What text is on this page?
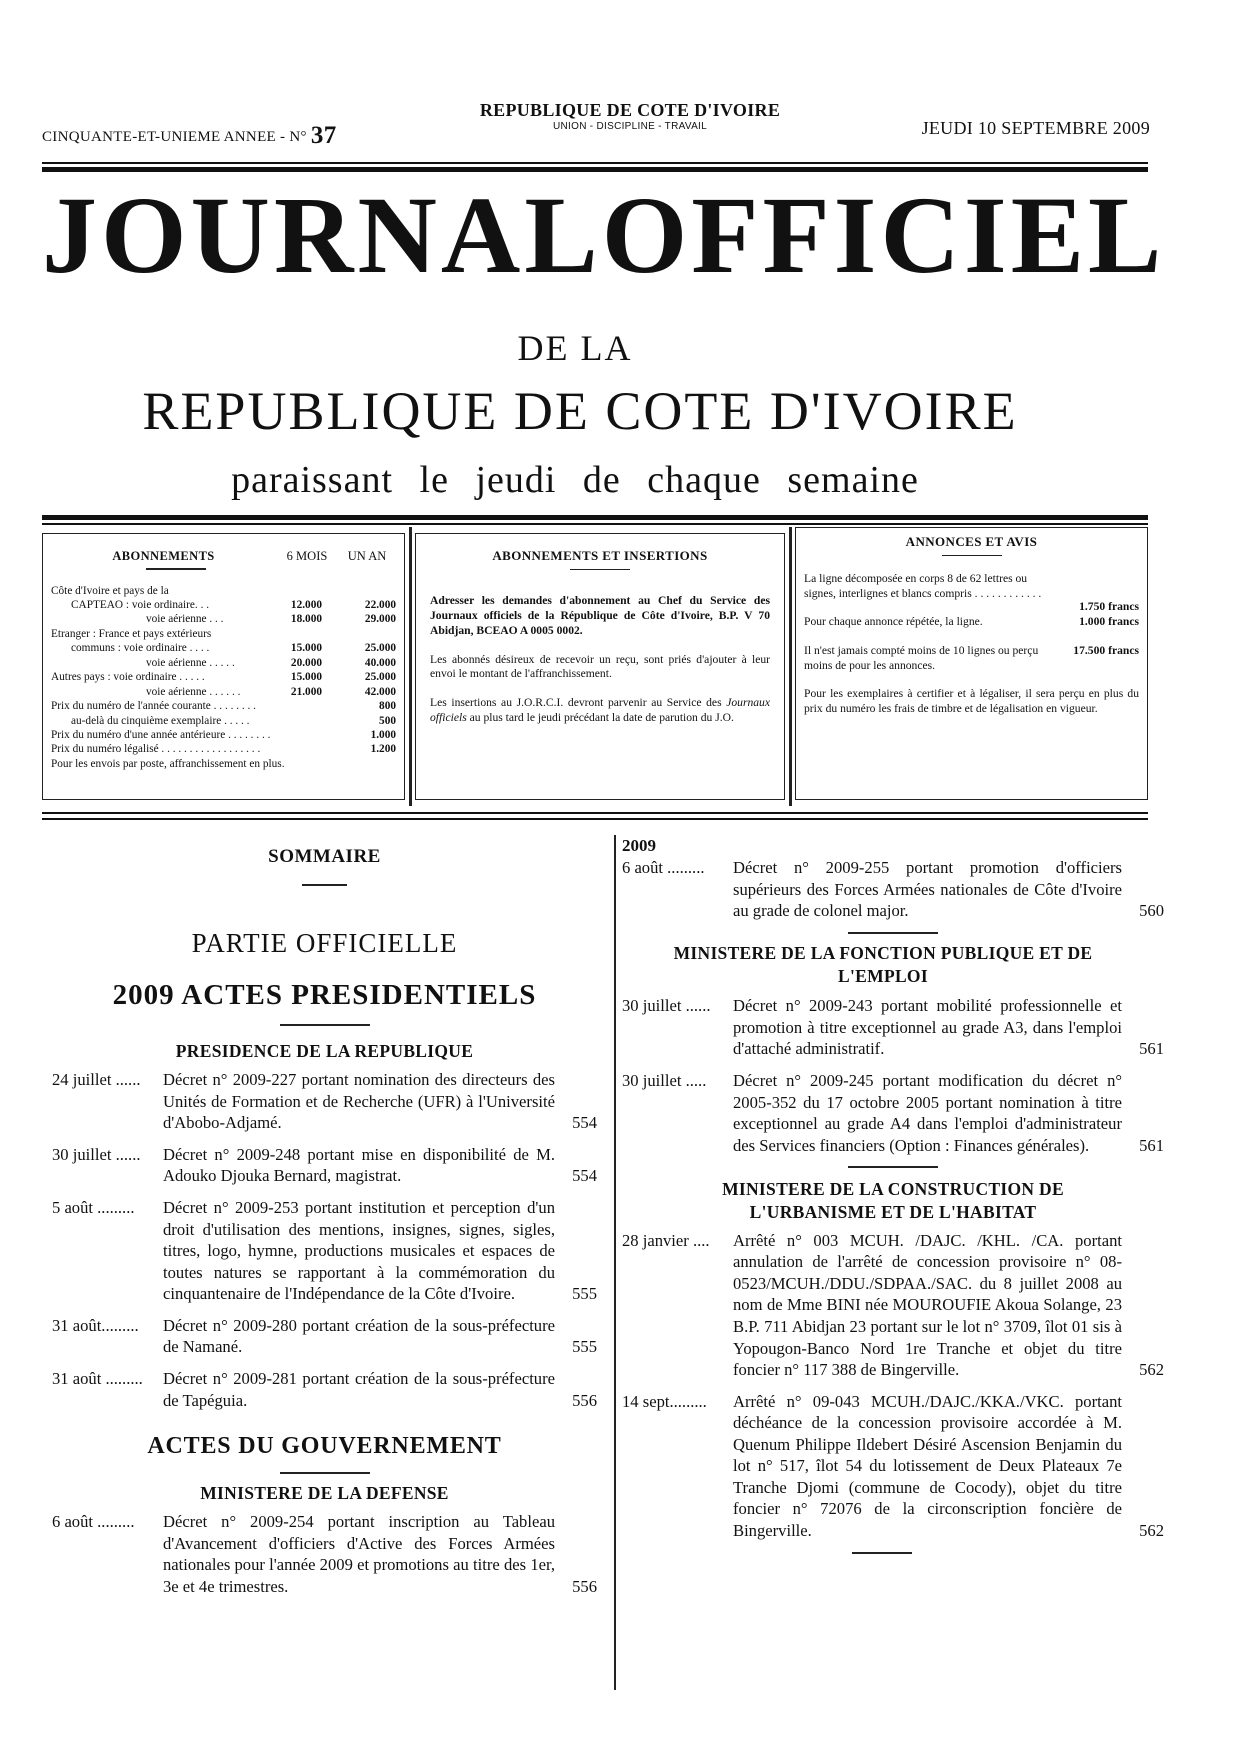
CINQUANTE-ET-UNIEME ANNEE - N° 37
REPUBLIQUE DE COTE D'IVOIRE
UNION - DISCIPLINE - TRAVAIL	JEUDI 10 SEPTEMBRE 2009
JOURNAL OFFICIEL
DE LA
REPUBLIQUE DE COTE D'IVOIRE
paraissant le jeudi de chaque semaine
ABONNEMENTS	6 MOIS	UN AN
Côte d'Ivoire et pays de la
CAPTEAO : voie ordinaire. . .	12.000	22.000
voie aérienne . . .	18.000	29.000
Etranger : France et pays extérieurs
communs : voie ordinaire . . . .	15.000	25.000
voie aérienne . . . . .	20.000	40.000
Autres pays : voie ordinaire . . . . .	15.000	25.000
voie aérienne . . . . . .	21.000	42.000
Prix du numéro de l'année courante . . . . . . . .	800
au-delà du cinquième exemplaire . . . . .	500
Prix du numéro d'une année antérieure . . . . . . . .	1.000
Prix du numéro légalisé . . . . . . . . . . . . . . . . . .	1.200
Pour les envois par poste, affranchissement en plus.
ABONNEMENTS ET INSERTIONS

Adresser les demandes d'abonnement au Chef du Service des Journaux officiels de la République de Côte d'Ivoire, B.P. V 70 Abidjan, BCEAO A 0005 0002.

Les abonnés désireux de recevoir un reçu, sont priés d'ajouter à leur envoi le montant de l'affranchissement.

Les insertions au J.O.R.C.I. devront parvenir au Service des Journaux officiels au plus tard le jeudi précédant la date de parution du J.O.

ANNONCES ET AVIS
La ligne décomposée en corps 8 de 62 lettres ou signes, interlignes et blancs compris . . . . . . . . . . . .
1.750 francs
Pour chaque annonce répétée, la ligne.	1.000 francs
Il n'est jamais compté moins de 10 lignes ou perçu moins de pour les annonces.
17.500 francs

Pour les exemplaires à certifier et à légaliser, il sera perçu en plus du prix du numéro les frais de timbre et de légalisation en vigueur.

SOMMAIRE
PARTIE OFFICIELLE
2009 ACTES PRESIDENTIELS
PRESIDENCE DE LA REPUBLIQUE
24 juillet ......	Décret n° 2009-227 portant nomination des directeurs des Unités de Formation et de Recherche (UFR) à l'Université d'Abobo-Adjamé.	554
30 juillet ......	Décret n° 2009-248 portant mise en disponibilité de M. Adouko Djouka Bernard, magistrat.	554
5 août .........	Décret n° 2009-253 portant institution et perception d'un droit d'utilisation des mentions, insignes, signes, sigles, titres, logo, hymne, productions musicales et espaces de toutes natures se rapportant à la commémoration du cinquantenaire de l'Indépendance de la Côte d'Ivoire.	555
31 août.........	Décret n° 2009-280 portant création de la sous-préfecture de Namané.	555
31 août .........	Décret n° 2009-281 portant création de la sous-préfecture de Tapéguia.	556
ACTES DU GOUVERNEMENT
MINISTERE DE LA DEFENSE
6 août .........	Décret n° 2009-254 portant inscription au Tableau d'Avancement d'officiers d'Active des Forces Armées nationales pour l'année 2009 et promotions au titre des 1er, 3e et 4e trimestres.	556
2009
6 août .........	Décret n° 2009-255 portant promotion d'officiers supérieurs des Forces Armées nationales de Côte d'Ivoire au grade de colonel major.	560
MINISTERE DE LA FONCTION PUBLIQUE ET DE L'EMPLOI
30 juillet ......	Décret n° 2009-243 portant mobilité professionnelle et promotion à titre exceptionnel au grade A3, dans l'emploi d'attaché administratif.	561
30 juillet .....	Décret n° 2009-245 portant modification du décret n° 2005-352 du 17 octobre 2005 portant nomination à titre exceptionnel au grade A4 dans l'emploi d'administrateur des Services financiers (Option : Finances générales).	561
MINISTERE DE LA CONSTRUCTION DE L'URBANISME ET DE L'HABITAT
28 janvier ....	Arrêté n° 003 MCUH. /DAJC. /KHL. /CA. portant annulation de l'arrêté de concession provisoire n° 08-0523/MCUH./DDU./SDPAA./SAC. du 8 juillet 2008 au nom de Mme BINI née MOUROUFIE Akoua Solange, 23 B.P. 711 Abidjan 23 portant sur le lot n° 3709, îlot 01 sis à Yopougon-Banco Nord 1re Tranche et objet du titre foncier n° 117 388 de Bingerville.	562
14 sept.........	Arrêté n° 09-043 MCUH./DAJC./KKA./VKC. portant déchéance de la concession provisoire accordée à M. Quenum Philippe Ildebert Désiré Ascension Benjamin du lot n° 517, îlot 54 du lotissement de Deux Plateaux 7e Tranche Djomi (commune de Cocody), objet du titre foncier n° 72076 de la circonscription foncière de Bingerville.	562
